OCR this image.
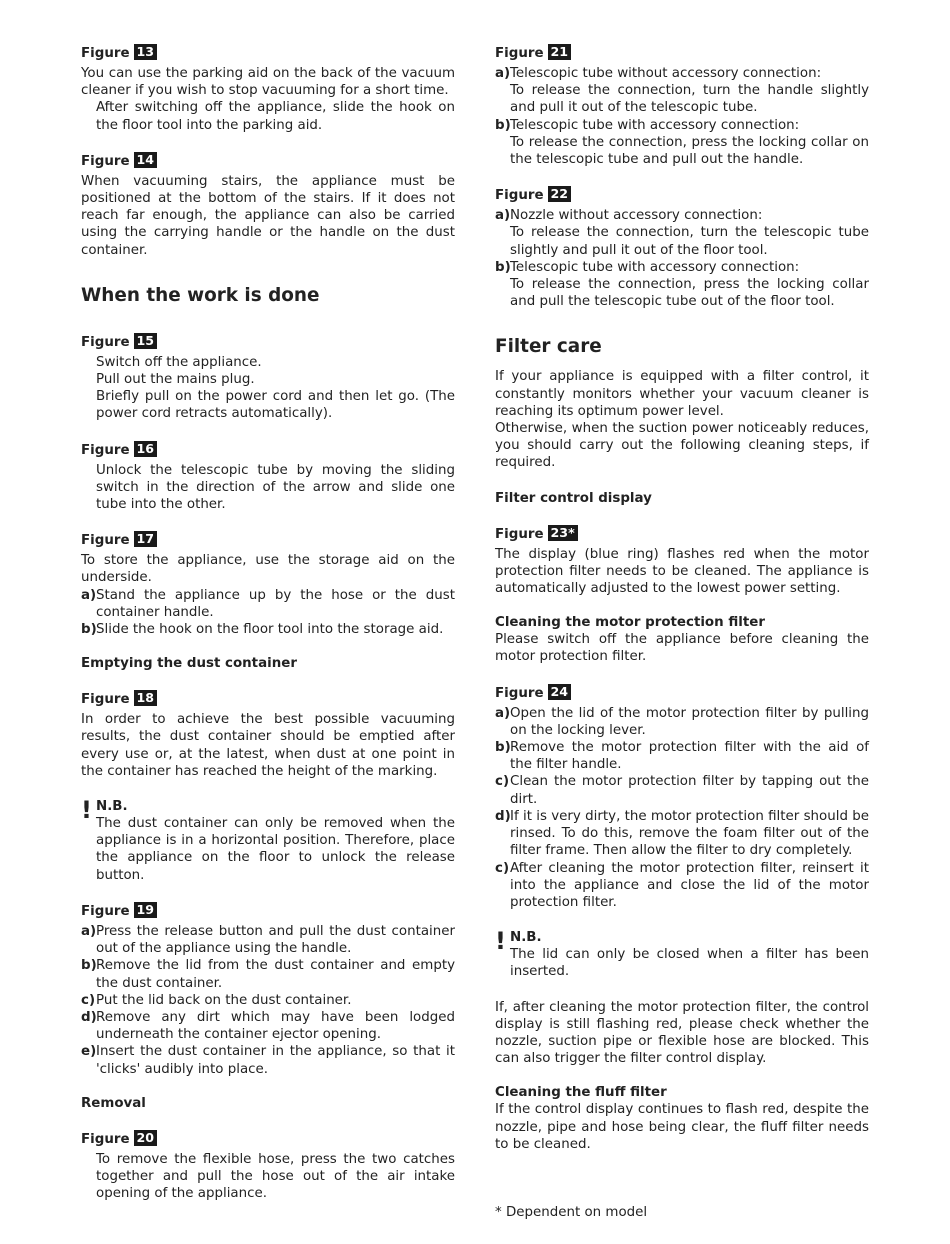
Figure 13

You can use the parking aid on the back of the vacuum cleaner if you wish to stop vacuuming for a short time.

After switching off the appliance, slide the hook on the floor tool into the parking aid.

Figure 14

When vacuuming stairs, the appliance must be positioned at the bottom of the stairs. If it does not reach far enough, the appliance can also be carried using the carrying handle or the handle on the dust container.

When the work is done
Figure 15

Switch off the appliance.

Pull out the mains plug.

Briefly pull on the power cord and then let go. (The power cord retracts automatically).

Figure 16

Unlock the telescopic tube by moving the sliding switch in the direction of the arrow and slide one tube into the other.

Figure 17

To store the appliance, use the storage aid on the underside.

a) Stand the appliance up by the hose or the dust container handle.
b) Slide the hook on the floor tool into the storage aid.
Emptying the dust container
Figure 18

In order to achieve the best possible vacuuming results, the dust container should be emptied after every use or, at the latest, when dust at one point in the container has reached the height of the marking.

! N.B.

The dust container can only be removed when the appliance is in a horizontal position. Therefore, place the appliance on the floor to unlock the release button.

Figure 19
a) Press the release button and pull the dust container out of the appliance using the handle.
b) Remove the lid from the dust container and empty the dust container.
c) Put the lid back on the dust container.
d) Remove any dirt which may have been lodged underneath the container ejector opening.
e) Insert the dust container in the appliance, so that it 'clicks' audibly into place.
Removal
Figure 20

To remove the flexible hose, press the two catches together and pull the hose out of the air intake opening of the appliance.

Figure 21
a) Telescopic tube without accessory connection:

To release the connection, turn the handle slightly and pull it out of the telescopic tube.

b) Telescopic tube with accessory connection:

To release the connection, press the locking collar on the telescopic tube and pull out the handle.

Figure 22
a) Nozzle without accessory connection:

To release the connection, turn the telescopic tube slightly and pull it out of the floor tool.

b) Telescopic tube with accessory connection:

To release the connection, press the locking collar and pull the telescopic tube out of the floor tool.

Filter care

If your appliance is equipped with a filter control, it constantly monitors whether your vacuum cleaner is reaching its optimum power level.

Otherwise, when the suction power noticeably reduces, you should carry out the following cleaning steps, if required.

Filter control display
Figure 23*

The display (blue ring) flashes red when the motor protection filter needs to be cleaned. The appliance is automatically adjusted to the lowest power setting.

Cleaning the motor protection filter

Please switch off the appliance before cleaning the motor protection filter.

Figure 24
a) Open the lid of the motor protection filter by pulling on the locking lever.
b) Remove the motor protection filter with the aid of the filter handle.
c) Clean the motor protection filter by tapping out the dirt.
d) If it is very dirty, the motor protection filter should be rinsed. To do this, remove the foam filter out of the filter frame. Then allow the filter to dry completely.
c) After cleaning the motor protection filter, reinsert it into the appliance and close the lid of the motor protection filter.
! N.B.

The lid can only be closed when a filter has been inserted.

If, after cleaning the motor protection filter, the control display is still flashing red, please check whether the nozzle, suction pipe or flexible hose are blocked. This can also trigger the filter control display.

Cleaning the fluff filter

If the control display continues to flash red, despite the nozzle, pipe and hose being clear, the fluff filter needs to be cleaned.

* Dependent on model
